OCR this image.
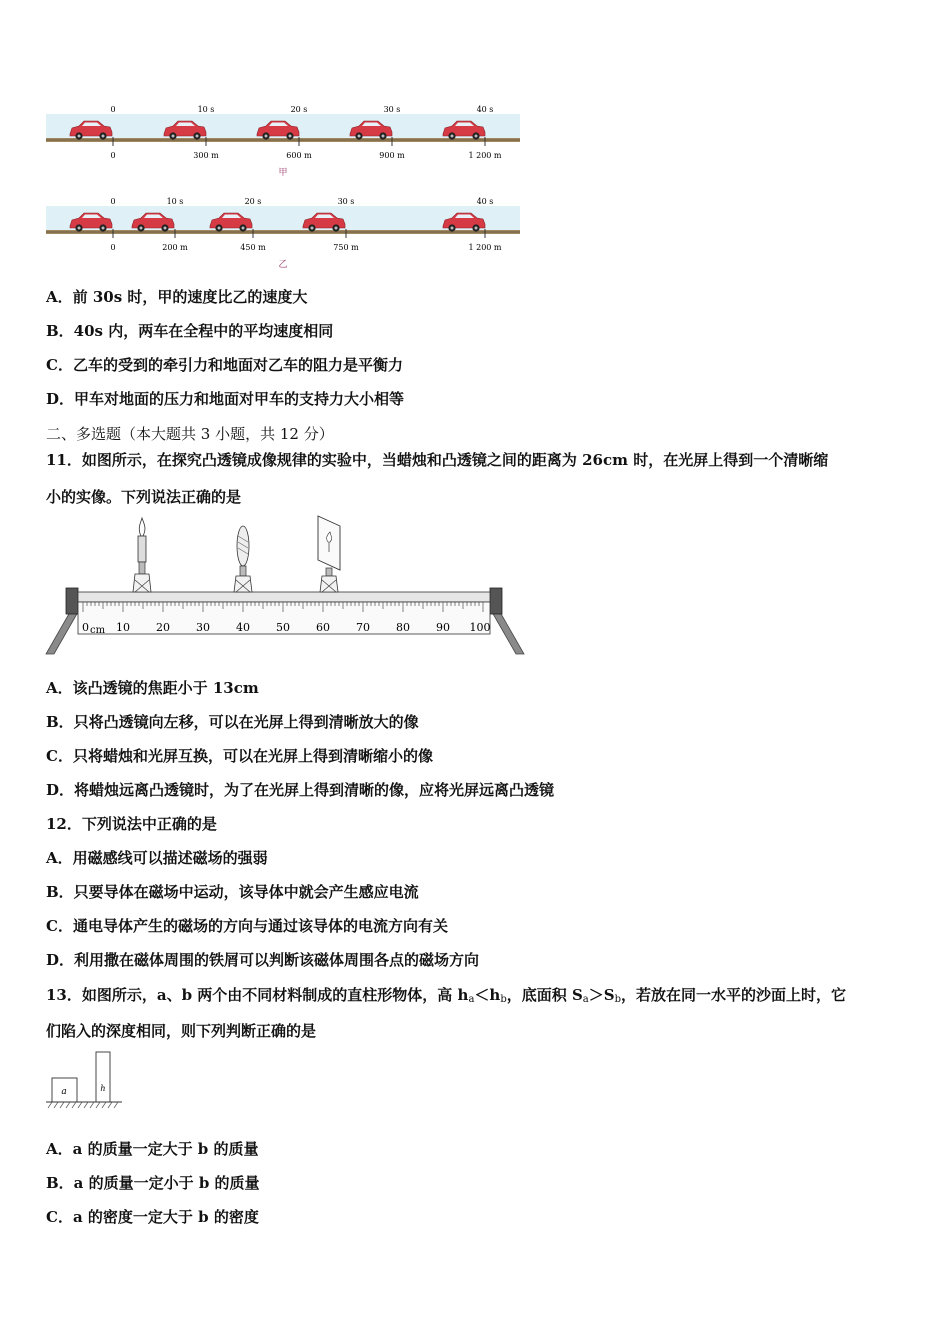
0	10 s	20 s	30 s	40 s
0	300 m	600 m	900 m	1 200 m
甲
0	10 s	20 s	30 s	40 s
0	200 m	450 m	750 m	1 200 m
乙
A．前 30s 时，甲的速度比乙的速度大
B．40s 内，两车在全程中的平均速度相同
C．乙车的受到的牵引力和地面对乙车的阻力是平衡力
D．甲车对地面的压力和地面对甲车的支持力大小相等
二、多选题（本大题共 3 小题，共 12 分）
11．如图所示，在探究凸透镜成像规律的实验中，当蜡烛和凸透镜之间的距离为 26cm 时，在光屏上得到一个清晰缩
小的实像。下列说法正确的是
0 cm 10 20 30 40 50 60 70 80 90 100
A．该凸透镜的焦距小于 13cm
B．只将凸透镜向左移，可以在光屏上得到清晰放大的像
C．只将蜡烛和光屏互换，可以在光屏上得到清晰缩小的像
D．将蜡烛远离凸透镜时，为了在光屏上得到清晰的像，应将光屏远离凸透镜
12．下列说法中正确的是
A．用磁感线可以描述磁场的强弱
B．只要导体在磁场中运动，该导体中就会产生感应电流
C．通电导体产生的磁场的方向与通过该导体的电流方向有关
D．利用撒在磁体周围的铁屑可以判断该磁体周围各点的磁场方向
13．如图所示，a、b 两个由不同材料制成的直柱形物体，高 $h_a<h_b$，底面积 $S_a>S_b$，若放在同一水平的沙面上时，它
们陷入的深度相同，则下列判断正确的是
a	h
A．a 的质量一定大于 b 的质量
B．a 的质量一定小于 b 的质量
C．a 的密度一定大于 b 的密度
